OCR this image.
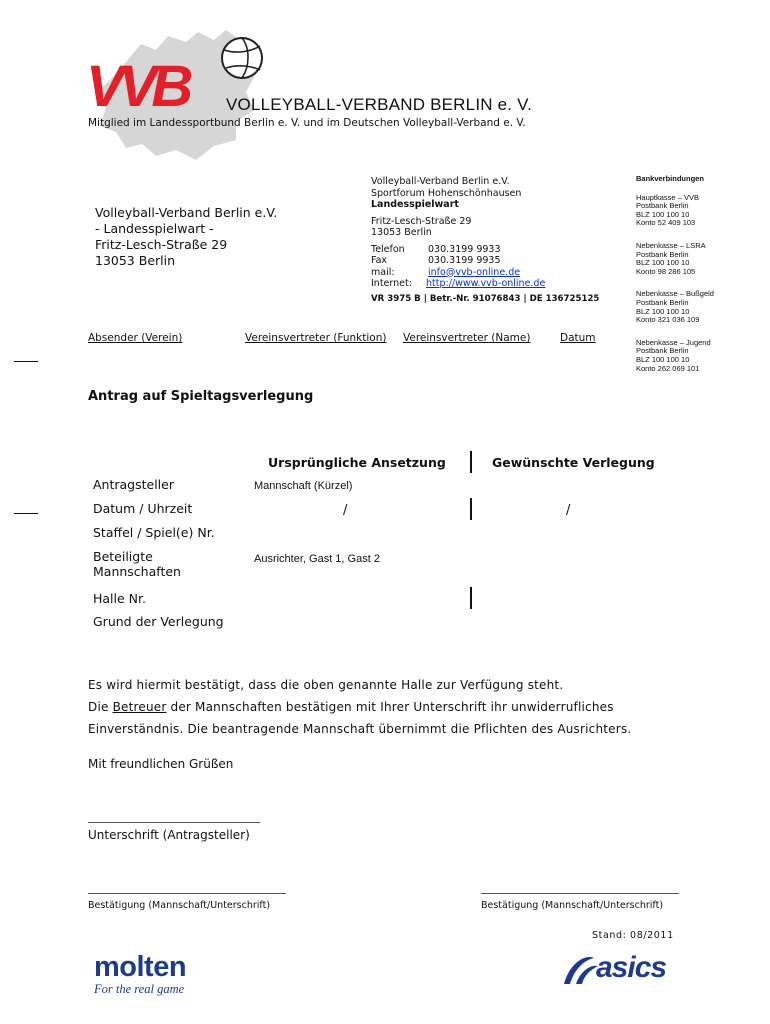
VVB VOLLEYBALL-VERBAND BERLIN e. V.
Mitglied im Landessportbund Berlin e. V. und im Deutschen Volleyball-Verband e. V.
Volleyball-Verband Berlin e.V.
- Landesspielwart -
Fritz-Lesch-Straße 29
13053 Berlin
Volleyball-Verband Berlin e.V.
Sportforum Hohenschönhausen
Landesspielwart
Fritz-Lesch-Straße 29
13053 Berlin
Telefon	030.3199 9933
Fax	030.3199 9935
mail:	info@vvb-online.de
Internet:	http://www.vvb-online.de
VR 3975 B | Betr.-Nr. 91076843 | DE 136725125
Bankverbindungen
Hauptkasse – VVB
Postbank Berlin
BLZ 100 100 10
Konto 52 409 103
Nebenkasse – LSRA
Postbank Berlin
BLZ 100 100 10
Konto 98 286 105
Nebenkasse – Bußgeld
Postbank Berlin
BLZ 100 100 10
Konto 321 036 109
Nebenkasse – Jugend
Postbank Berlin
BLZ 100 100 10
Konto 262 069 101
Absender (Verein)	Vereinsvertreter (Funktion) Vereinsvertreter (Name)	Datum
Antrag auf Spieltagsverlegung
Ursprüngliche Ansetzung	Gewünschte Verlegung
Antragsteller	Mannschaft (Kürzel)
Datum / Uhrzeit	/	/
Staffel / Spiel(e) Nr.
Beteiligte
Mannschaften
Ausrichter, Gast 1, Gast 2
Halle Nr.
Grund der Verlegung
Es wird hiermit bestätigt, dass die oben genannte Halle zur Verfügung steht.
Die Betreuer der Mannschaften bestätigen mit Ihrer Unterschrift ihr unwiderrufliches
Einverständnis. Die beantragende Mannschaft übernimmt die Pflichten des Ausrichters.
Mit freundlichen Grüßen
Unterschrift (Antragsteller)
Bestätigung (Mannschaft/Unterschrift)	Bestätigung (Mannschaft/Unterschrift)
Stand: 08/2011
molten
For the real game
asics
